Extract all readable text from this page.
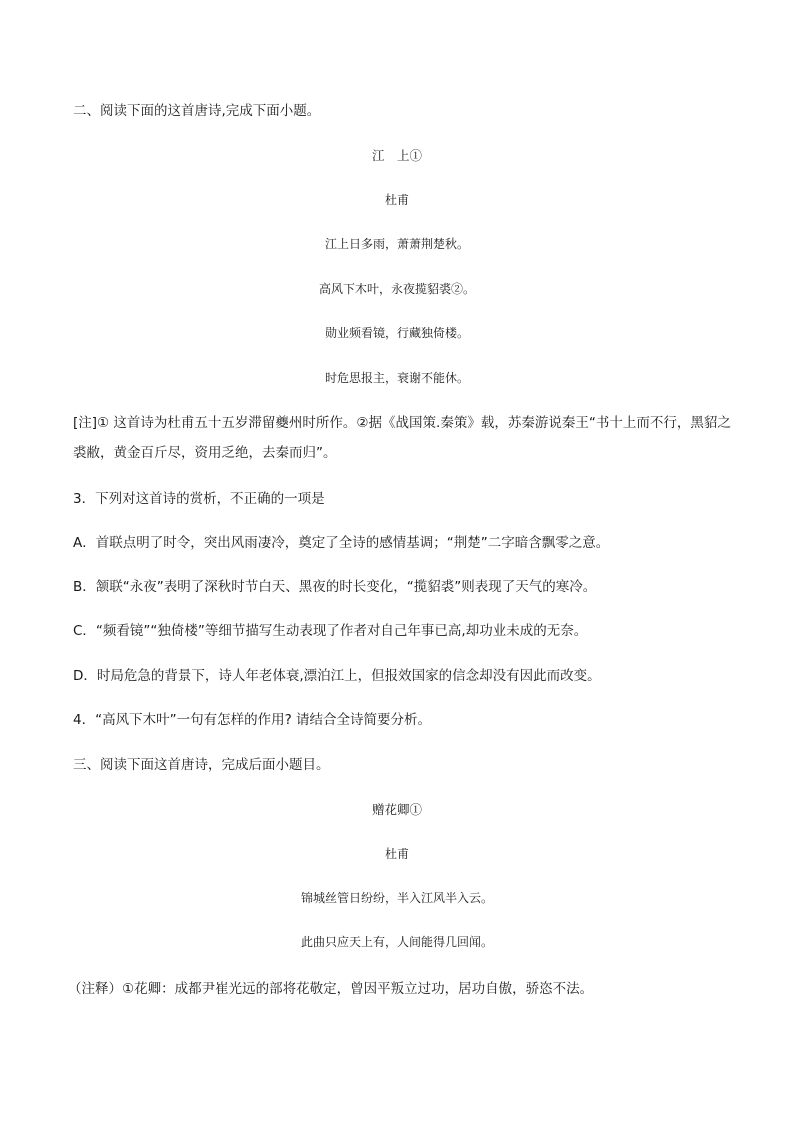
二、阅读下面的这首唐诗,完成下面小题。
江　上①
杜甫
江上日多雨，萧萧荆楚秋。
高风下木叶，永夜揽貂裘②。
勋业频看镜，行藏独倚楼。
时危思报主，衰谢不能休。
[注]① 这首诗为杜甫五十五岁滞留夔州时所作。②据《战国策.秦策》载，苏秦游说秦王“书十上而不行，黑貂之裘敝，黄金百斤尽，资用乏绝，去秦而归”。
3．下列对这首诗的赏析，不正确的一项是
A．首联点明了时令，突出风雨凄冷，奠定了全诗的感情基调；“荆楚”二字暗含飘零之意。
B．颔联“永夜”表明了深秋时节白天、黑夜的时长变化，“揽貂裘”则表现了天气的寒冷。
C．“频看镜”“独倚楼”等细节描写生动表现了作者对自己年事已高,却功业未成的无奈。
D．时局危急的背景下，诗人年老体衰,漂泊江上，但报效国家的信念却没有因此而改变。
4．“高风下木叶”一句有怎样的作用? 请结合全诗简要分析。
三、阅读下面这首唐诗，完成后面小题目。
赠花卿①
杜甫
锦城丝管日纷纷，半入江风半入云。
此曲只应天上有，人间能得几回闻。
（注释）①花卿：成都尹崔光远的部将花敬定，曾因平叛立过功，居功自傲，骄恣不法。
